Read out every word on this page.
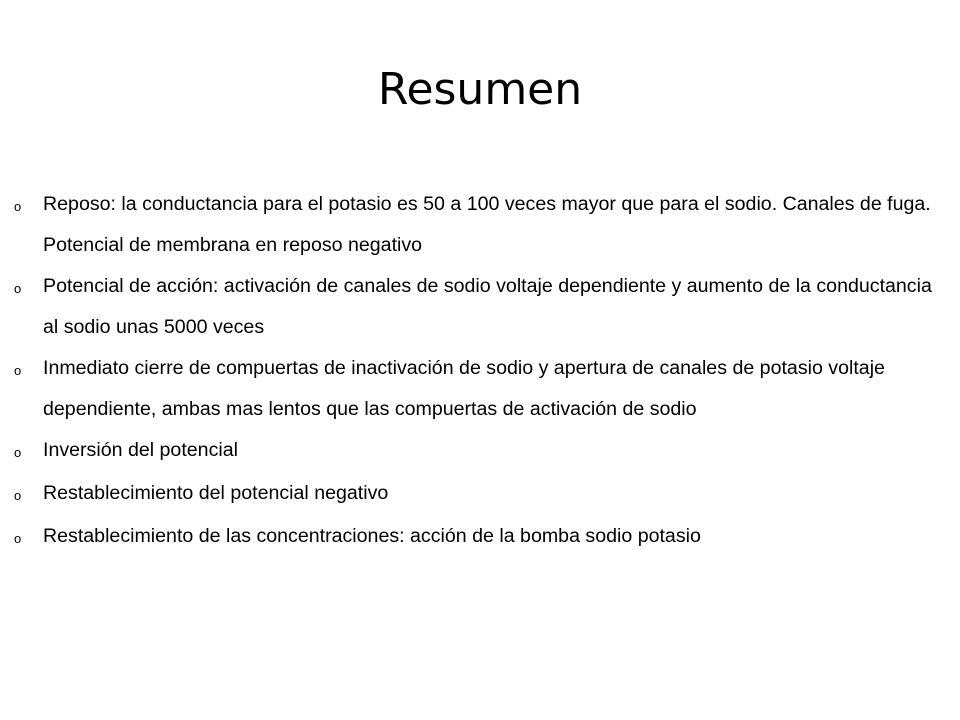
Resumen
o	Reposo: la conductancia para el potasio es 50 a 100 veces mayor que para el sodio. Canales de fuga. Potencial de membrana en reposo negativo
o	Potencial de acción: activación de canales de sodio voltaje dependiente y aumento de la conductancia al sodio unas 5000 veces
o	Inmediato cierre de compuertas de inactivación de sodio y apertura de canales de potasio voltaje dependiente, ambas mas lentos que las compuertas de activación de sodio
o	Inversión del potencial
o	Restablecimiento del potencial negativo
o	Restablecimiento de las concentraciones: acción de la bomba sodio potasio
